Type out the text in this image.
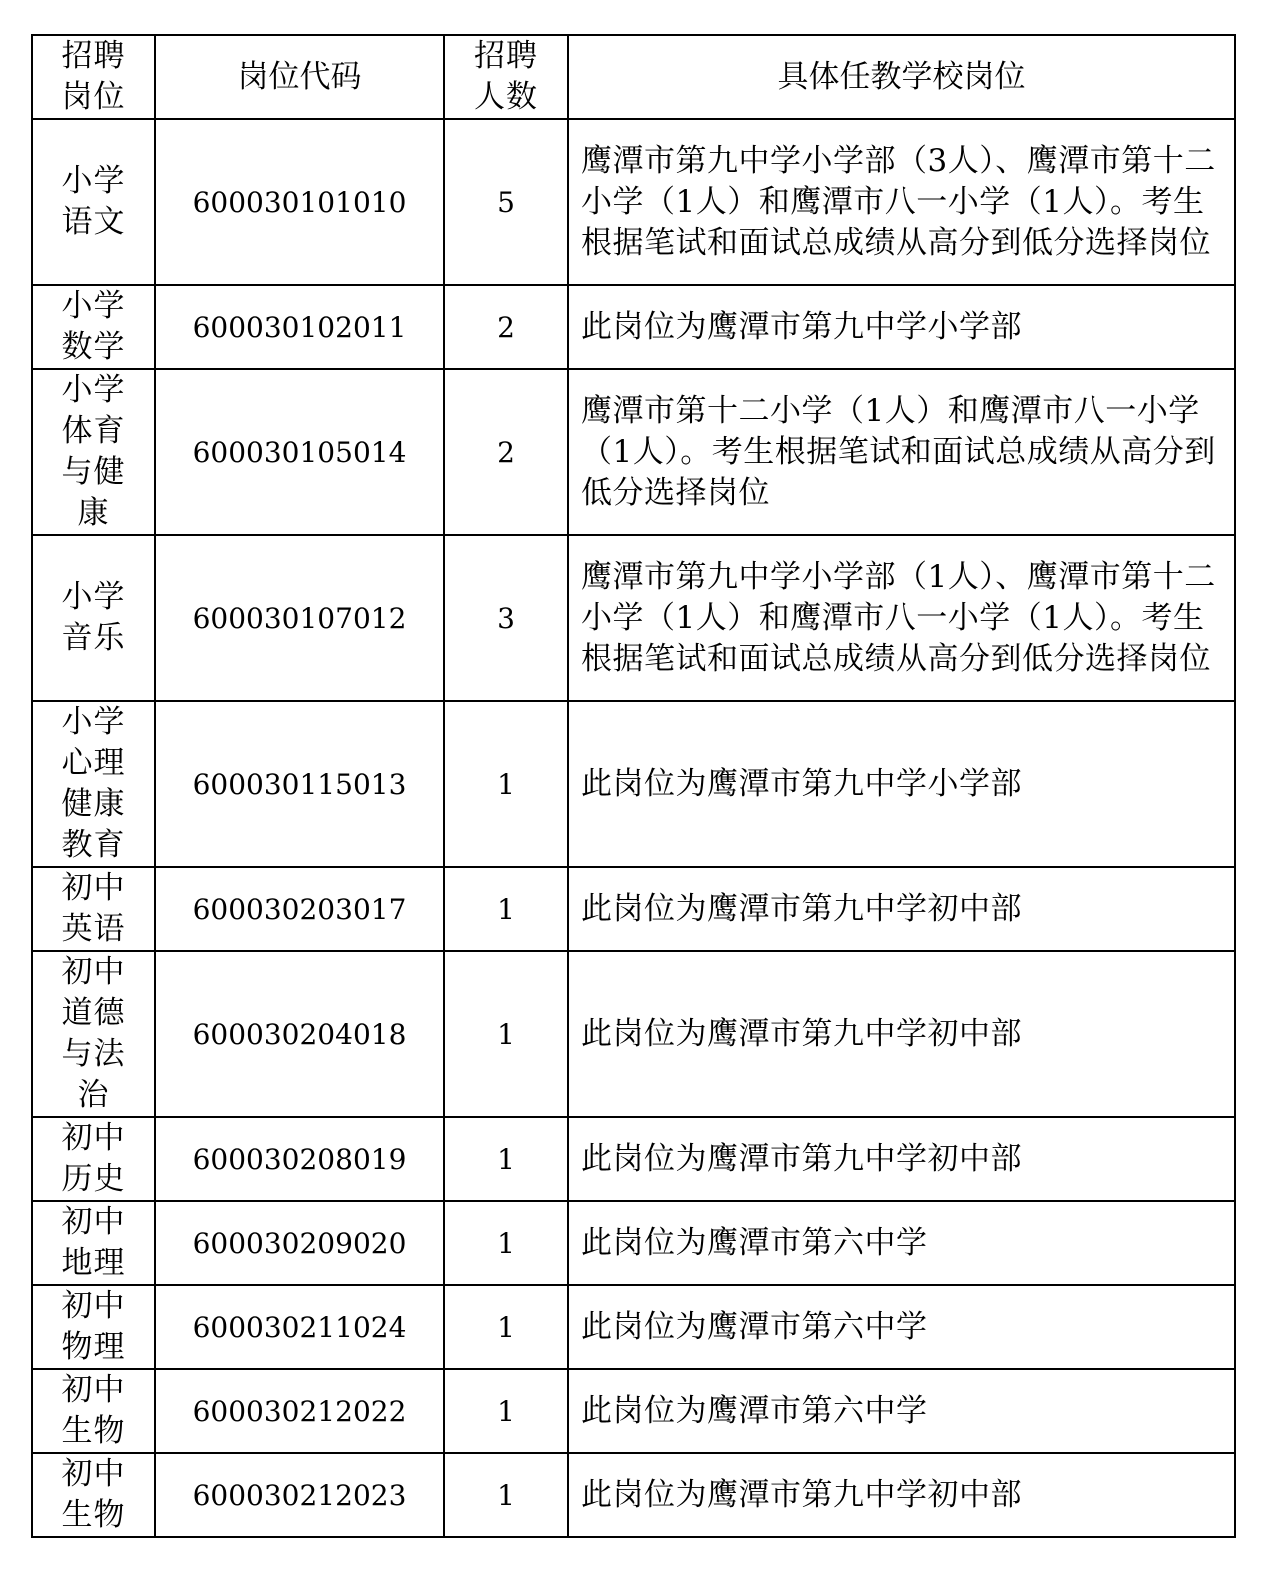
招聘岗位	岗位代码	招聘人数	具体任教学校岗位
小学语文	600030101010	5	鹰潭市第九中学小学部（3人）、鹰潭市第十二小学（1人）和鹰潭市八一小学（1人）。考生根据笔试和面试总成绩从高分到低分选择岗位
小学数学	600030102011	2	此岗位为鹰潭市第九中学小学部
小学体育与健康	600030105014	2	鹰潭市第十二小学（1人）和鹰潭市八一小学（1人）。考生根据笔试和面试总成绩从高分到低分选择岗位
小学音乐	600030107012	3	鹰潭市第九中学小学部（1人）、鹰潭市第十二小学（1人）和鹰潭市八一小学（1人）。考生根据笔试和面试总成绩从高分到低分选择岗位
小学心理健康教育	600030115013	1	此岗位为鹰潭市第九中学小学部
初中英语	600030203017	1	此岗位为鹰潭市第九中学初中部
初中道德与法治	600030204018	1	此岗位为鹰潭市第九中学初中部
初中历史	600030208019	1	此岗位为鹰潭市第九中学初中部
初中地理	600030209020	1	此岗位为鹰潭市第六中学
初中物理	600030211024	1	此岗位为鹰潭市第六中学
初中生物	600030212022	1	此岗位为鹰潭市第六中学
初中生物	600030212023	1	此岗位为鹰潭市第九中学初中部
